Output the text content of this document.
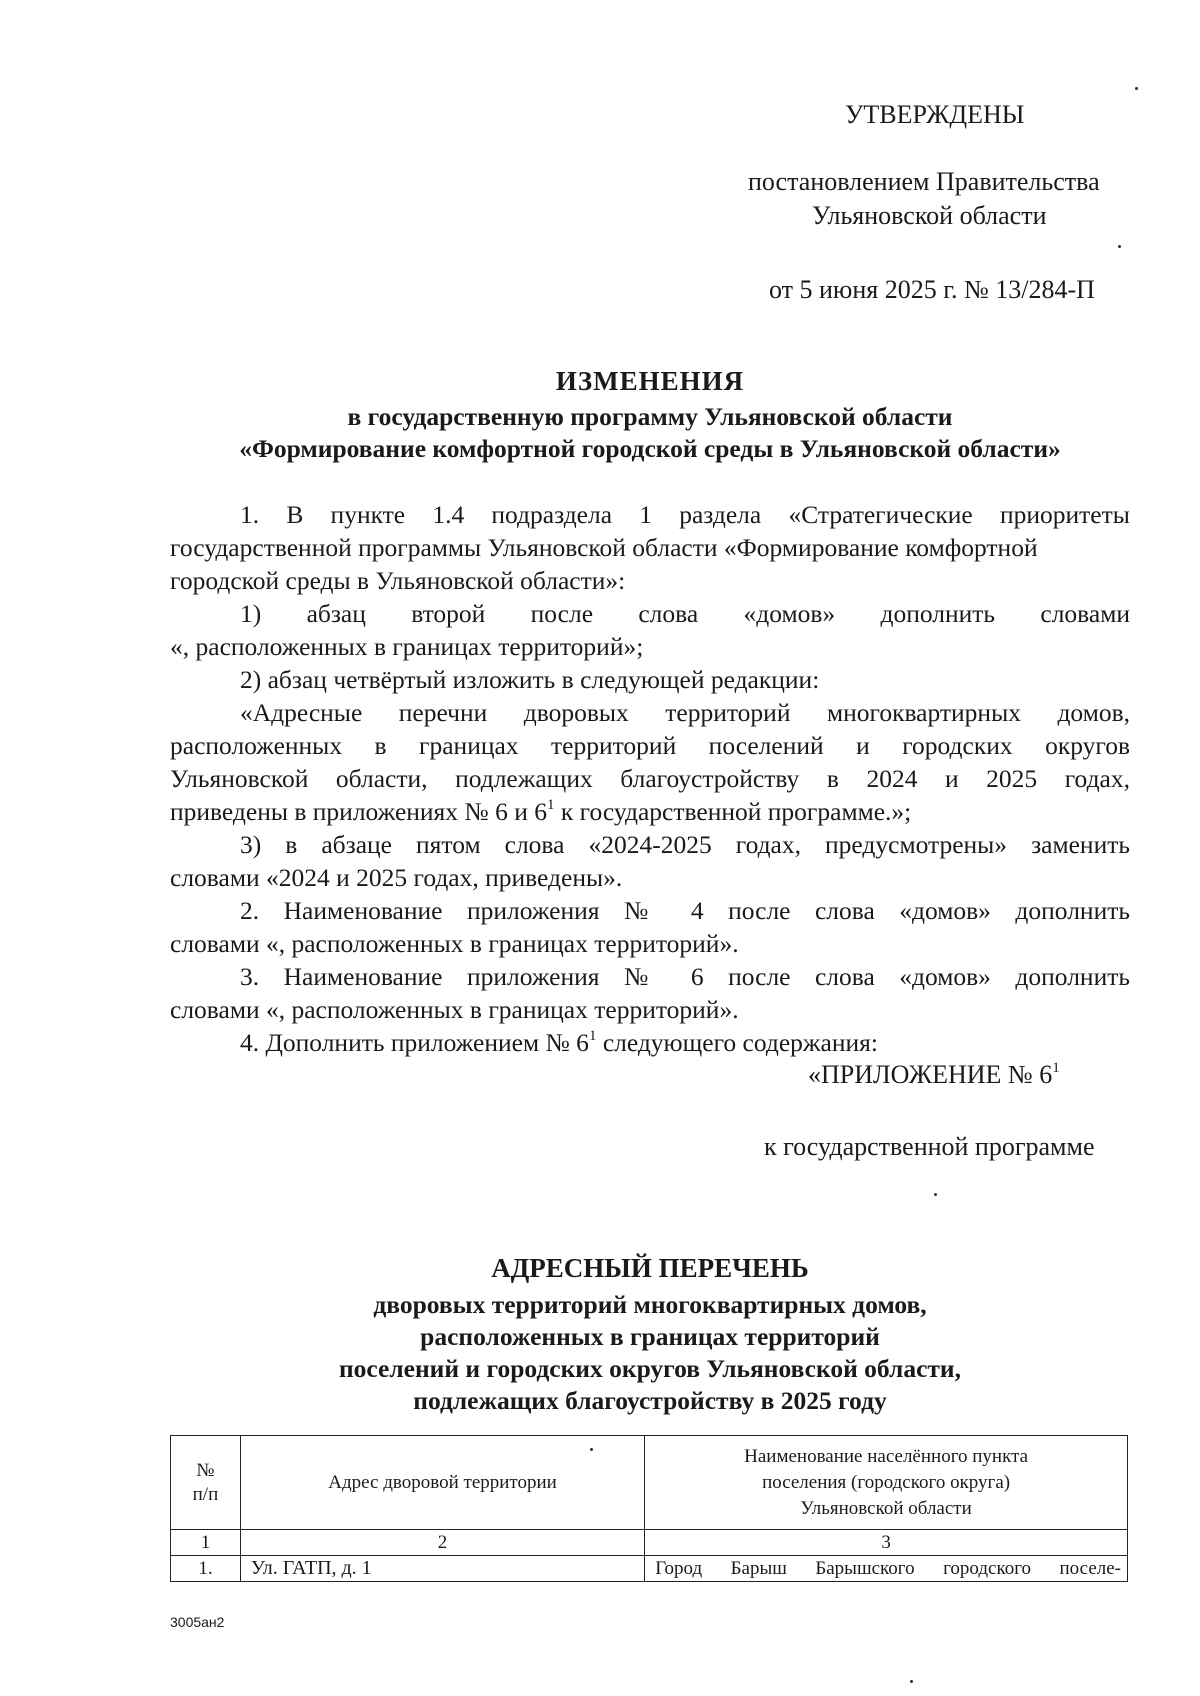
УТВЕРЖДЕНЫ
постановлением Правительства
Ульяновской области
от 5 июня 2025 г. № 13/284-П
ИЗМЕНЕНИЯ
в государственную программу Ульяновской области
«Формирование комфортной городской среды в Ульяновской области»
1. В пункте 1.4 подраздела 1 раздела «Стратегические приоритеты
государственной программы Ульяновской области «Формирование комфортной
городской среды в Ульяновской области»:
1) абзац второй после слова «домов» дополнить словами
«, расположенных в границах территорий»;
2) абзац четвёртый изложить в следующей редакции:
«Адресные перечни дворовых территорий многоквартирных домов,
расположенных в границах территорий поселений и городских округов
Ульяновской области, подлежащих благоустройству в 2024 и 2025 годах,
приведены в приложениях № 6 и $6^1$ к государственной программе.»;
3) в абзаце пятом слова «2024-2025 годах, предусмотрены» заменить
словами «2024 и 2025 годах, приведены».
2. Наименование приложения № 4 после слова «домов» дополнить
словами «, расположенных в границах территорий».
3. Наименование приложения № 6 после слова «домов» дополнить
словами «, расположенных в границах территорий».
4. Дополнить приложением № $6^1$ следующего содержания:
«ПРИЛОЖЕНИЕ № $6^1$
к государственной программе
АДРЕСНЫЙ ПЕРЕЧЕНЬ
дворовых территорий многоквартирных домов,
расположенных в границах территорий
поселений и городских округов Ульяновской области,
подлежащих благоустройству в 2025 году
№
п/п	Адрес дворовой территории	Наименование населённого пункта
поселения (городского округа)
Ульяновской области
1	2	3
1.	Ул. ГАТП, д. 1	Город Барыш Барышского городского поселе-
3005ан2
